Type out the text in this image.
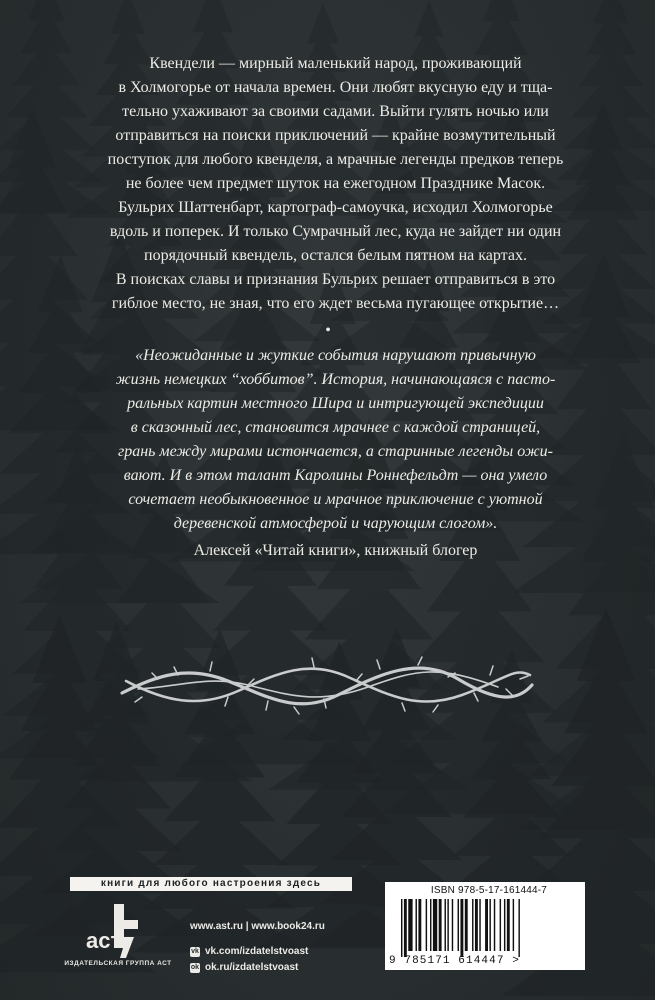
Квендели — мирный маленький народ, проживающий

в Холмогорье от начала времен. Они любят вкусную еду и тща-

тельно ухаживают за своими садами. Выйти гулять ночью или

отправиться на поиски приключений — крайне возмутительный

поступок для любого квенделя, а мрачные легенды предков теперь

не более чем предмет шуток на ежегодном Празднике Масок.

Бульрих Шаттенбарт, картограф-самоучка, исходил Холмогорье

вдоль и поперек. И только Сумрачный лес, куда не зайдет ни один

порядочный квендель, остался белым пятном на картах.

В поисках славы и признания Бульрих решает отправиться в это

гиблое место, не зная, что его ждет весьма пугающее открытие…

•
«Неожиданные и жуткие события нарушают привычную
жизнь немецких “хоббитов”. История, начинающаяся с пасто-
ральных картин местного Шира и интригующей экспедиции
в сказочный лес, становится мрачнее с каждой страницей,
грань между мирами истончается, а старинные легенды ожи-
вают. И в этом талант Каролины Роннефельдт — она умело
сочетает необыкновенное и мрачное приключение с уютной
деревенской атмосферой и чарующим слогом».
Алексей «Читай книги», книжный блогер
книги для любого настроения здесь
аст
ИЗДАТЕЛЬСКАЯ ГРУППА АСТ
www.ast.ru | www.book24.ru
vk vk.com/izdatelstvoast
ok ok.ru/izdatelstvoast
ISBN 978-5-17-161444-7
9 785171 614447 >
